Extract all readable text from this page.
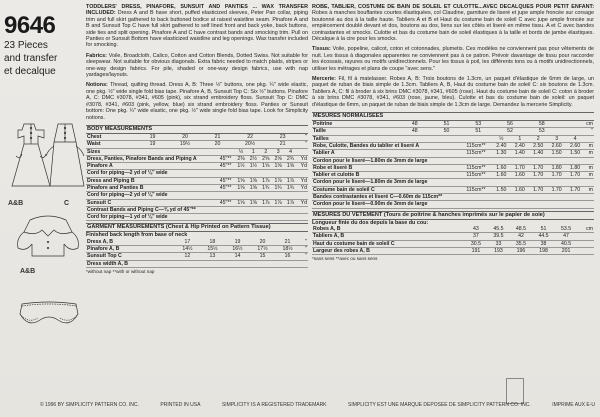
9646
23 Pieces
and transfer
et decalque
A&B	C
A&B

TODDLERS' DRESS, PINAFORE, SUNSUIT AND PANTIES ... WAX TRANSFER INCLUDED: Dress A and B have short, puffed elasticized sleeves, Peter Pan collar, piping trim and full skirt gathered to back buttoned bodice at raised waistline seam. Pinafore A and B and Sunsuit Top C have full skirt gathered to self lined front and back yoke, back buttons, side ties and split opening. Pinafore A and C have contrast bands and smocking trim. Pull on Panties or Sunsuit Bottom have elasticized waistline and leg openings. Wax transfer included for smocking.

Fabrics: Voile, Broadcloth, Calico, Cotton and Cotton Blends, Dotted Swiss. Not suitable for sleepwear. Not suitable for obvious diagonals. Extra fabric needed to match plaids, stripes or one-way design fabrics. For pile, shaded or one-way design fabrics, use with nap yardages/layouts.

Notions: Thread, quilting thread. Dress A, B: Three ½" buttons, one pkg. ¼" wide elastic, one pkg. ½" wide single fold bias tape. Pinafore A, B, Sunsuit Top C: Six ½" buttons. Pinafore A, C: DMC #3078, #341, #605 (pink), six strand embroidery floss. Sunsuit Top C: DMC #3078, #341, #603 (pink, yellow, blue) six strand embroidery floss. Panties or Sunsuit bottom: One pkg. ¼" wide elastic, one pkg. ½" wide single fold bias tape. Look for Simplicity notions.

BODY MEASUREMENTS
Chest	19	20	21	22	23	"
Waist	19	19½	20	20½	21	"
Sizes		½	1	2	3	4	
Dress, Panties, Pinafore Bands and Piping A	45"**	2⅜	2½	2⅝	2⅝	2¾	Yd
Pinafore A	45"**	1½	1½	1⅝	1⅝	1⅝	Yd
Cord for piping—2 yd of ⅛" wide							
Dress and Piping B	45"**	1⅝	1⅝	1⅞	1⅞	1⅞	Yd
Pinafore and Panties B	45"**	1⅝	1⅝	1¾	1¾	1¾	Yd
Cord for piping—2 yd of ⅛" wide							
Sunsuit C	45"**	1⅝	1⅝	1⅞	1⅞	1⅞	Yd
Contrast Bands and Piping C—⅜ yd of 45"**							
Cord for piping—1 yd of ⅛" wide							
GARMENT MEASUREMENTS (Chest & Hip Printed on Pattern Tissue)
Finished back length from base of neck
Dress A, B	17	18	19	20	21	"
Pinafore A, B	14½	15½	16½	17½	18½	"
Sunsuit Top C	12	13	14	15	16	"
Dress width A, B						
*without nap **with or without nap

ROBE, TABLIER, COSTUME DE BAIN DE SOLEIL ET CULOTTE...AVEC DECALQUES POUR PETIT ENFANT: Robes à manches bouffantes courtes élastiquées, col Claudine, garniture de liseré et jupe ample froncée sur corsage boutonné au dos à la taille haute. Tabliers A et B et Haut du costume bain de soleil C avec jupe ample froncée sur empiècement doublé devant et dos, boutons au dos, liens sur les côtés et liseré en même tissu. A et C avec bandes contrastantes et smocks. Culotte et bas du costume bain de soleil élastiques à la taille et bords de jambe élastiques. Décalque à la cire pour les smocks.

Tissus: Voile, popeline, calicot, coton et cotonnades, plumetis. Ces modèles ne conviennent pas pour vêtements de nuit. Les tissus à diagonales apparentes ne conviennent pas à ce patron. Prévoir davantage de tissu pour raccorder les écossais, rayures ou motifs unidirectionnels. Pour les tissus à poil, les différents tons ou à motifs unidirectionnels, utiliser les métrages et plans de coupe "avec sens."

Mercerie: Fil, fil à matelasser. Robes A, B: Trois boutons de 1.3cm, un paquet d'élastique de 6mm de large, un paquet de ruban de biais simple de 1.3cm. Tabliers A, B, Haut du costume bain de soleil C: six boutons de 1.3cm. Tabliers A, C: fil à broder à six brins DMC #3078, #341, #605 (rose). Haut du costume bain de soleil C: coton à broder à six brins DMC #3078, #341, #603 (rose, jaune, bleu). Culotte et bas du costume bain de soleil: un paquet d'élastique de 6mm, un paquet de ruban de biais simple de 1.3cm de large. Demandez la mercerie Simplicity.

MESURES NORMALISEES
Poitrine	48	51	53	56	58	cm
Taille	48	50	51	52	53	"
Tailles		½	1	2	3	4	
Robe, Culotte, Bandes du tablier et liseré A	115cm**	2.40	2.40	2.50	2.60	2.60	m
Tablier A	115cm**	1.30	1.40	1.40	1.50	1.50	m
Cordon pour le liseré—1.80m de 3mm de large							
Robe et liseré B	115cm**	1.60	1.70	1.70	1.80	1.80	m
Tablier et culotte B	115cm**	1.60	1.60	1.70	1.70	1.70	m
Cordon pour le liseré—1.80m de 3mm de large							
Costume bain de soleil C	115cm**	1.50	1.60	1.70	1.70	1.70	m
Bandes contrastantes et liseré C—0.60m de 115cm**							
Cordon pour le liseré—0.90m de 3mm de large							
MESURES DU VETEMENT (Tours de poitrine & hanches imprimés sur le papier de soie)
Longueur finie du dos depuis la base du cou:
Robes A, B	43	45.5	48.5	51	53.5	cm
Tabliers A, B	37	39.5	42	44.5	47	
Haut du costume bain de soleil C	30.5	33	35.5	38	40.5	
Largeur des robes A, B	191	193	196	198	201	
*sans sens **avec ou sans sens
© 1996 BY SIMPLICITY PATTERN CO. INC.	PRINTED IN USA	SIMPLICITY IS A REGISTERED TRADEMARK	SIMPLICITY EST UNE MARQUE DEPOSEE DE SIMPLICITY PATTERN CO. INC.	IMPRIME AUX E-U
